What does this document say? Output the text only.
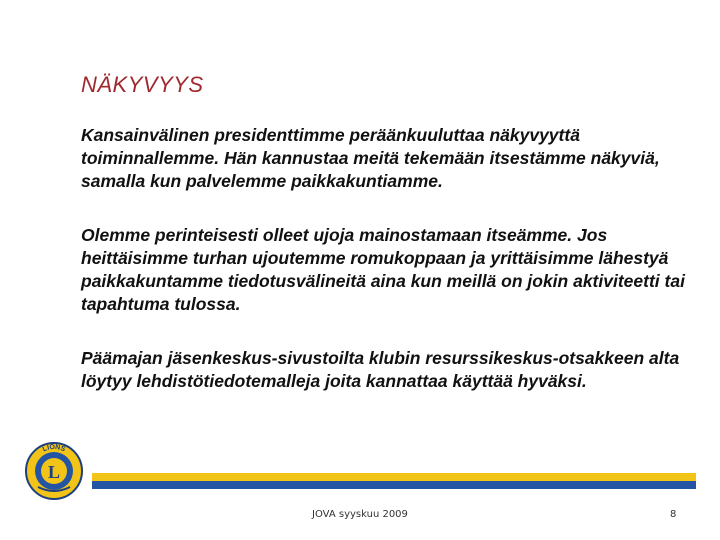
NÄKYVYYS

Kansainvälinen presidenttimme peräänkuuluttaa näkyvyyttä toiminnallemme. Hän kannustaa meitä tekemään itsestämme näkyviä, samalla kun palvelemme paikkakuntiamme.

Olemme perinteisesti olleet ujoja mainostamaan itseämme. Jos heittäisimme turhan ujoutemme romukoppaan ja yrittäisimme lähestyä paikkakuntamme tiedotusvälineitä aina kun meillä on jokin aktiviteetti tai tapahtuma tulossa.

Päämajan jäsenkeskus-sivustoilta klubin resurssikeskus-otsakkeen alta löytyy lehdistötiedotemalleja joita kannattaa käyttää hyväksi.

L
LIONS
JOVA syyskuu 2009	8
